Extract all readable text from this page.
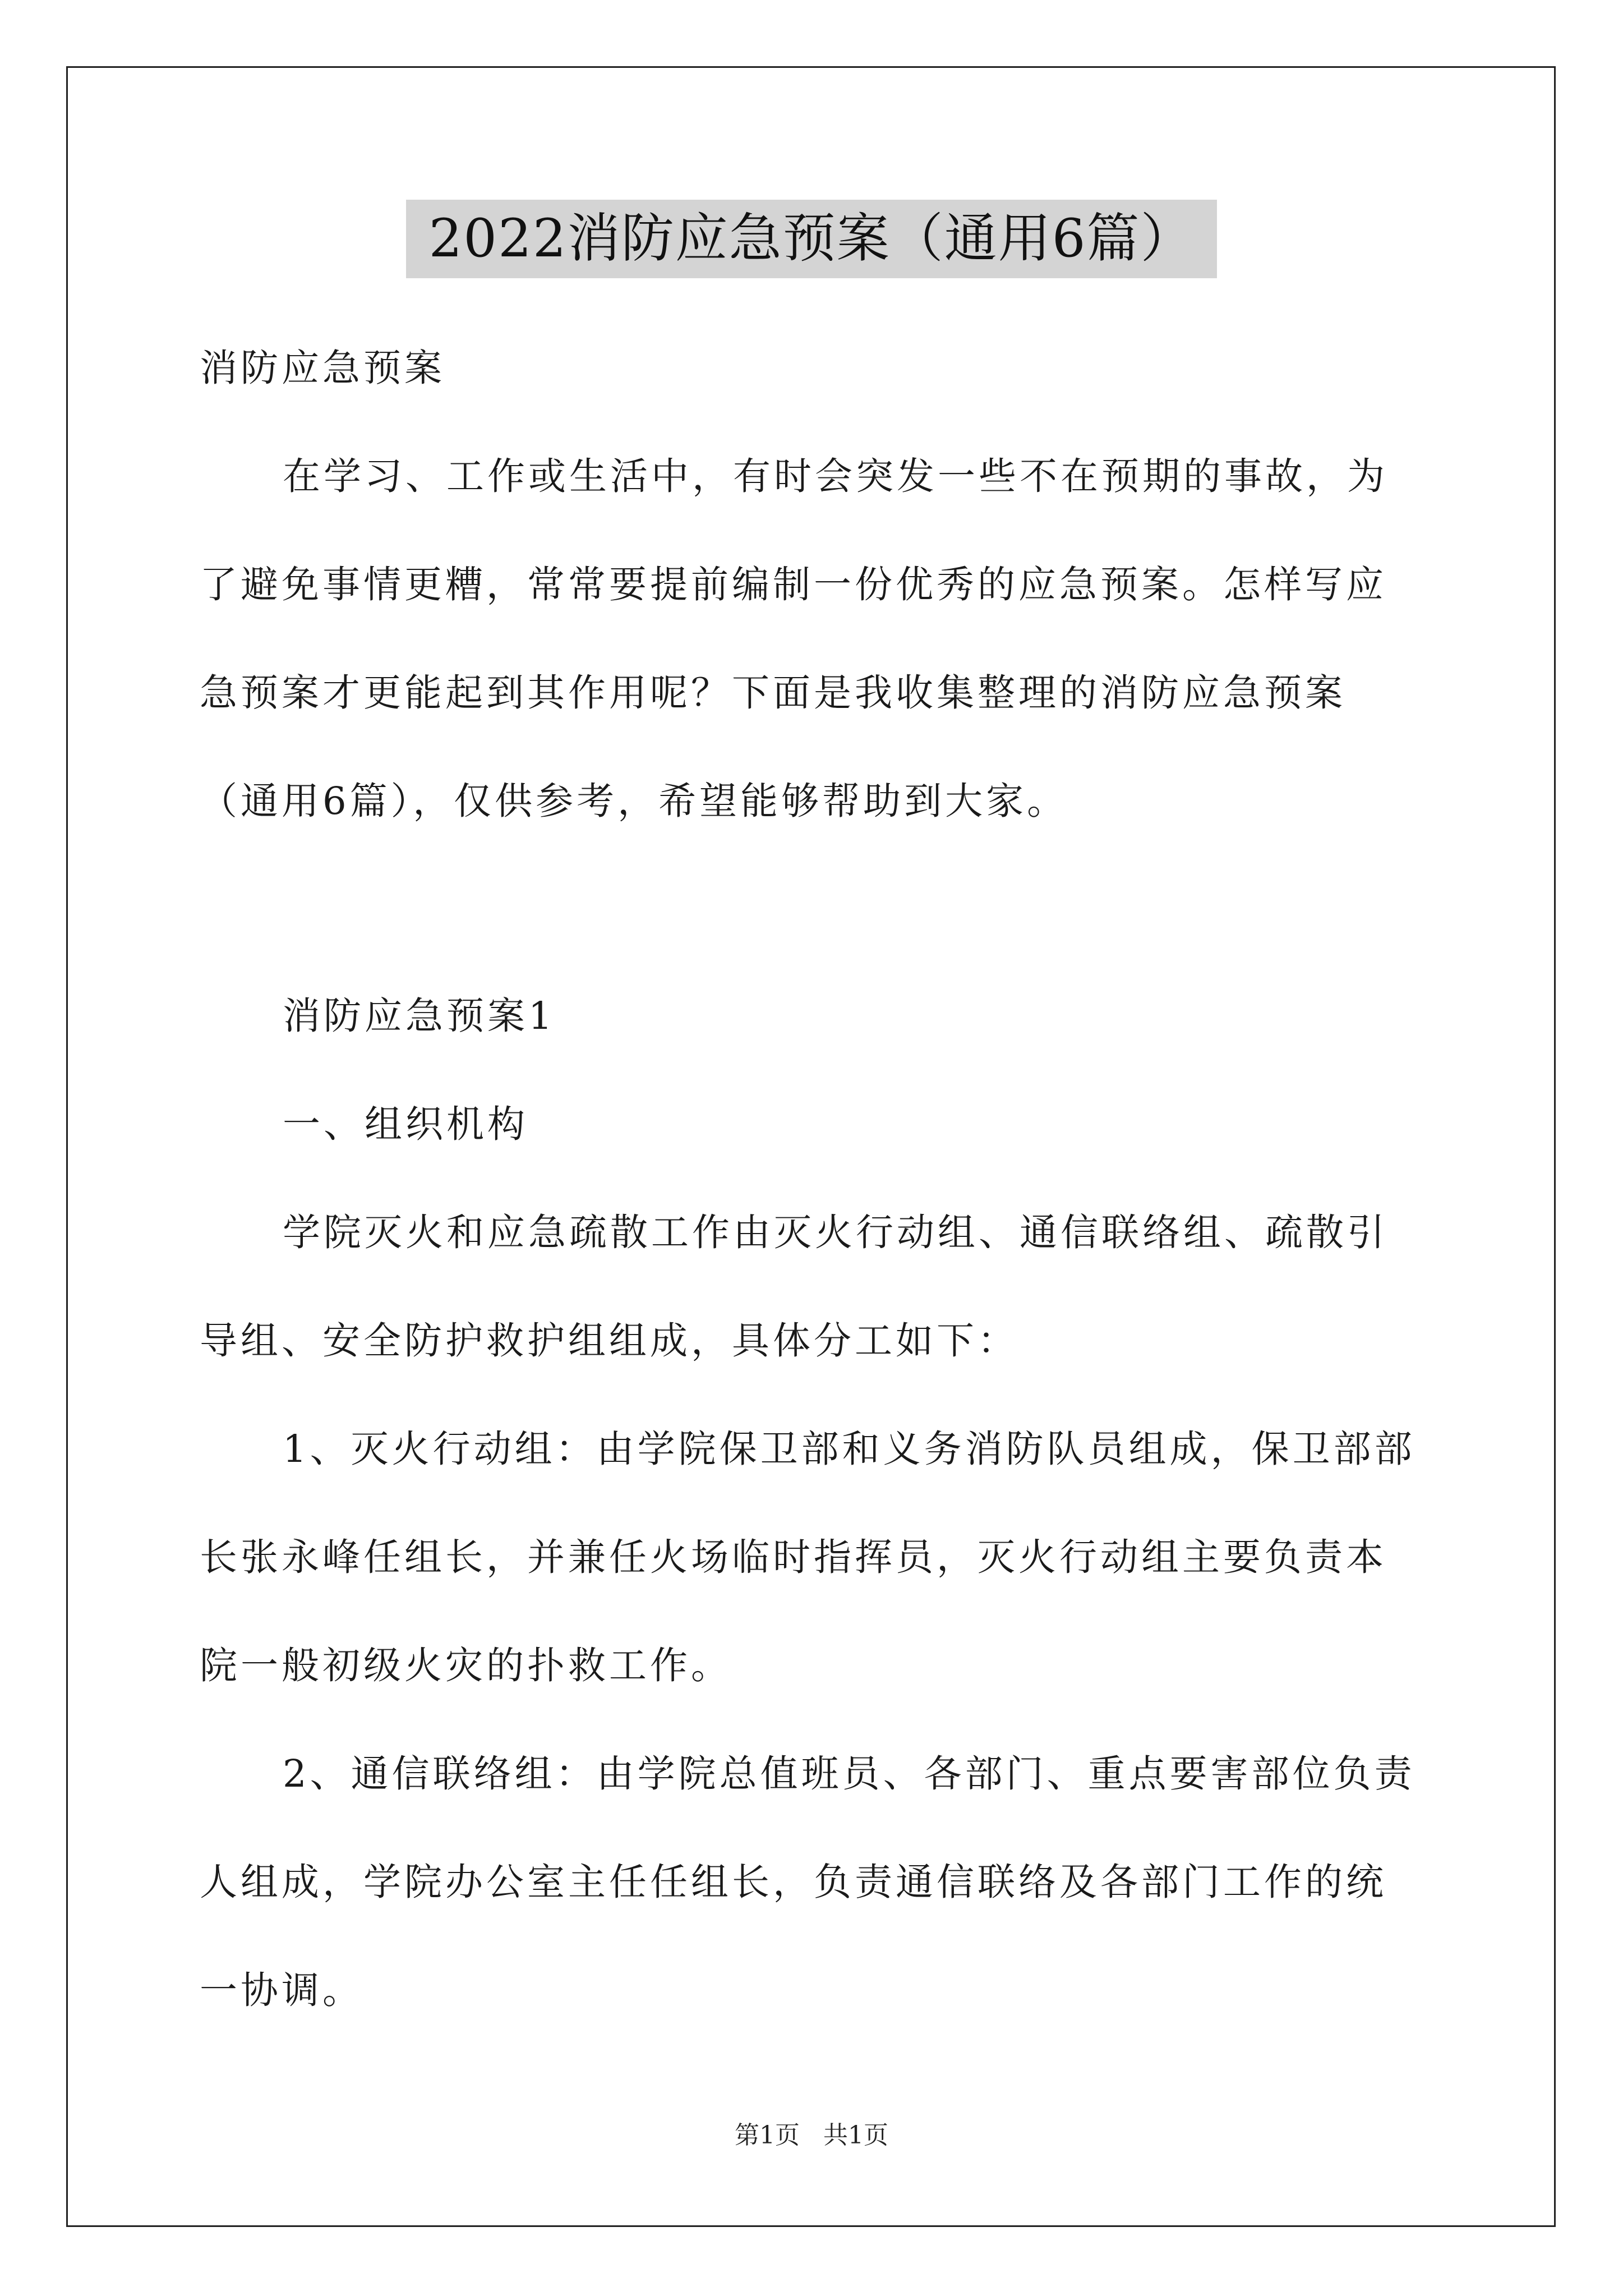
2022消防应急预案（通用6篇）

消防应急预案

在学习、工作或生活中，有时会突发一些不在预期的事故，为了避免事情更糟，常常要提前编制一份优秀的应急预案。怎样写应急预案才更能起到其作用呢？下面是我收集整理的消防应急预案（通用6篇），仅供参考，希望能够帮助到大家。

消防应急预案1

一、组织机构

学院灭火和应急疏散工作由灭火行动组、通信联络组、疏散引导组、安全防护救护组组成，具体分工如下：

1、灭火行动组：由学院保卫部和义务消防队员组成，保卫部部长张永峰任组长，并兼任火场临时指挥员，灭火行动组主要负责本院一般初级火灾的扑救工作。

2、通信联络组：由学院总值班员、各部门、重点要害部位负责人组成，学院办公室主任任组长，负责通信联络及各部门工作的统一协调。

第1页 共1页
